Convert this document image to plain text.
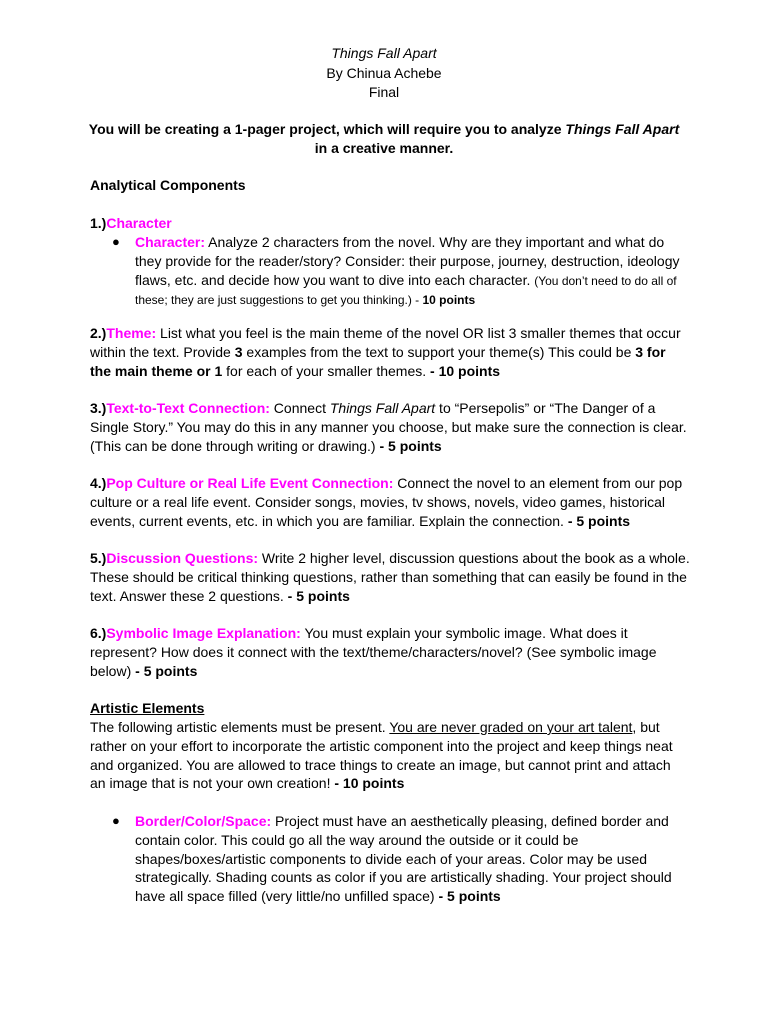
Things Fall Apart
By Chinua Achebe
Final
You will be creating a 1-pager project, which will require you to analyze Things Fall Apart
in a creative manner.
Analytical Components
1.)Character
●	Character: Analyze 2 characters from the novel. Why are they important and what do they provide for the reader/story? Consider: their purpose, journey, destruction, ideology flaws, etc. and decide how you want to dive into each character. (You don’t need to do all of these; they are just suggestions to get you thinking.) - 10 points
2.)Theme: List what you feel is the main theme of the novel OR list 3 smaller themes that occur within the text. Provide 3 examples from the text to support your theme(s) This could be 3 for the main theme or 1 for each of your smaller themes. - 10 points
3.)Text-to-Text Connection: Connect Things Fall Apart to “Persepolis” or “The Danger of a Single Story.” You may do this in any manner you choose, but make sure the connection is clear. (This can be done through writing or drawing.) - 5 points
4.)Pop Culture or Real Life Event Connection: Connect the novel to an element from our pop culture or a real life event. Consider songs, movies, tv shows, novels, video games, historical events, current events, etc. in which you are familiar. Explain the connection. - 5 points
5.)Discussion Questions: Write 2 higher level, discussion questions about the book as a whole. These should be critical thinking questions, rather than something that can easily be found in the text. Answer these 2 questions. - 5 points
6.)Symbolic Image Explanation: You must explain your symbolic image. What does it represent? How does it connect with the text/theme/characters/novel? (See symbolic image below) - 5 points
Artistic Elements
The following artistic elements must be present. You are never graded on your art talent, but rather on your effort to incorporate the artistic component into the project and keep things neat and organized. You are allowed to trace things to create an image, but cannot print and attach an image that is not your own creation! - 10 points
●	Border/Color/Space: Project must have an aesthetically pleasing, defined border and contain color. This could go all the way around the outside or it could be shapes/boxes/artistic components to divide each of your areas. Color may be used strategically. Shading counts as color if you are artistically shading. Your project should have all space filled (very little/no unfilled space) - 5 points
